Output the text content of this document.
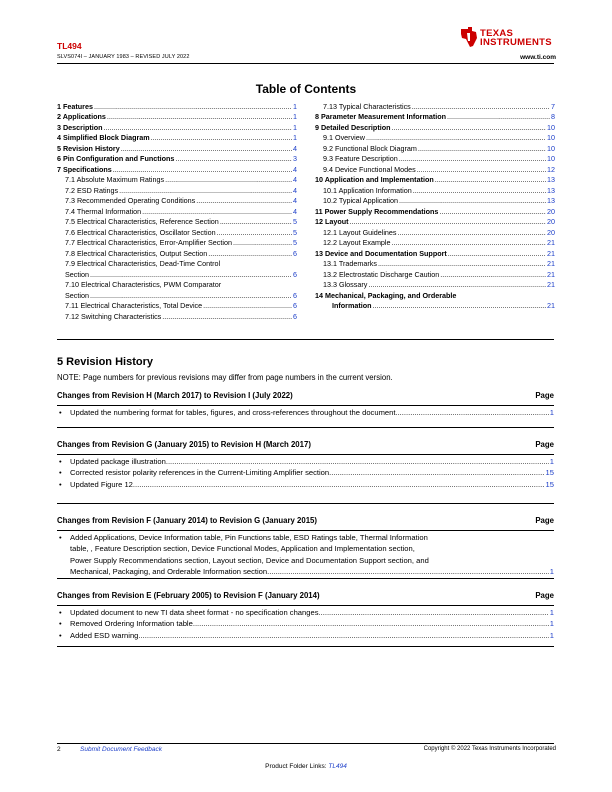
TL494
SLVS074I – JANUARY 1983 – REVISED JULY 2022
TEXAS
INSTRUMENTS
www.ti.com
Table of Contents
1 Features .....	1
2 Applications .....	1
3 Description .....	1
4 Simplified Block Diagram .....	1
5 Revision History .....	4
6 Pin Configuration and Functions .....	3
7 Specifications .....	4
7.1 Absolute Maximum Ratings .....	4
7.2 ESD Ratings .....	4
7.3 Recommended Operating Conditions .....	4
7.4 Thermal Information .....	4
7.5 Electrical Characteristics, Reference Section .....	5
7.6 Electrical Characteristics, Oscillator Section .....	5
7.7 Electrical Characteristics, Error-Amplifier Section .....	5
7.8 Electrical Characteristics, Output Section .....	6
7.9 Electrical Characteristics, Dead-Time Control
Section .....	6
7.10 Electrical Characteristics, PWM Comparator
Section .....	6
7.11 Electrical Characteristics, Total Device .....	6
7.12 Switching Characteristics .....	6
7.13 Typical Characteristics .....	7
8 Parameter Measurement Information .....	8
9 Detailed Description .....	10
9.1 Overview .....	10
9.2 Functional Block Diagram .....	10
9.3 Feature Description .....	10
9.4 Device Functional Modes .....	12
10 Application and Implementation .....	13
10.1 Application Information .....	13
10.2 Typical Application .....	13
11 Power Supply Recommendations .....	20
12 Layout .....	20
12.1 Layout Guidelines .....	20
12.2 Layout Example .....	21
13 Device and Documentation Support .....	21
13.1 Trademarks .....	21
13.2 Electrostatic Discharge Caution .....	21
13.3 Glossary .....	21
14 Mechanical, Packaging, and Orderable
Information .....	21
5 Revision History
NOTE: Page numbers for previous revisions may differ from page numbers in the current version.
Changes from Revision H (March 2017) to Revision I (July 2022)	Page
• Updated the numbering format for tables, figures, and cross-references throughout the document. .....	1
Changes from Revision G (January 2015) to Revision H (March 2017)	Page
• Updated package illustration .....	1
• Corrected resistor polarity references in the Current-Limiting Amplifier section .....	15
• Updated Figure 12. .....	15
Changes from Revision F (January 2014) to Revision G (January 2015)	Page
• Added Applications, Device Information table, Pin Functions table, ESD Ratings table, Thermal Information
table, , Feature Description section, Device Functional Modes, Application and Implementation section,
Power Supply Recommendations section, Layout section, Device and Documentation Support section, and
Mechanical, Packaging, and Orderable Information section. .....	1
Changes from Revision E (February 2005) to Revision F (January 2014)	Page
• Updated document to new TI data sheet format - no specification changes. .....	1
• Removed Ordering Information table. .....	1
• Added ESD warning. .....	1
2	Submit Document Feedback	Copyright © 2022 Texas Instruments Incorporated
Product Folder Links: TL494
